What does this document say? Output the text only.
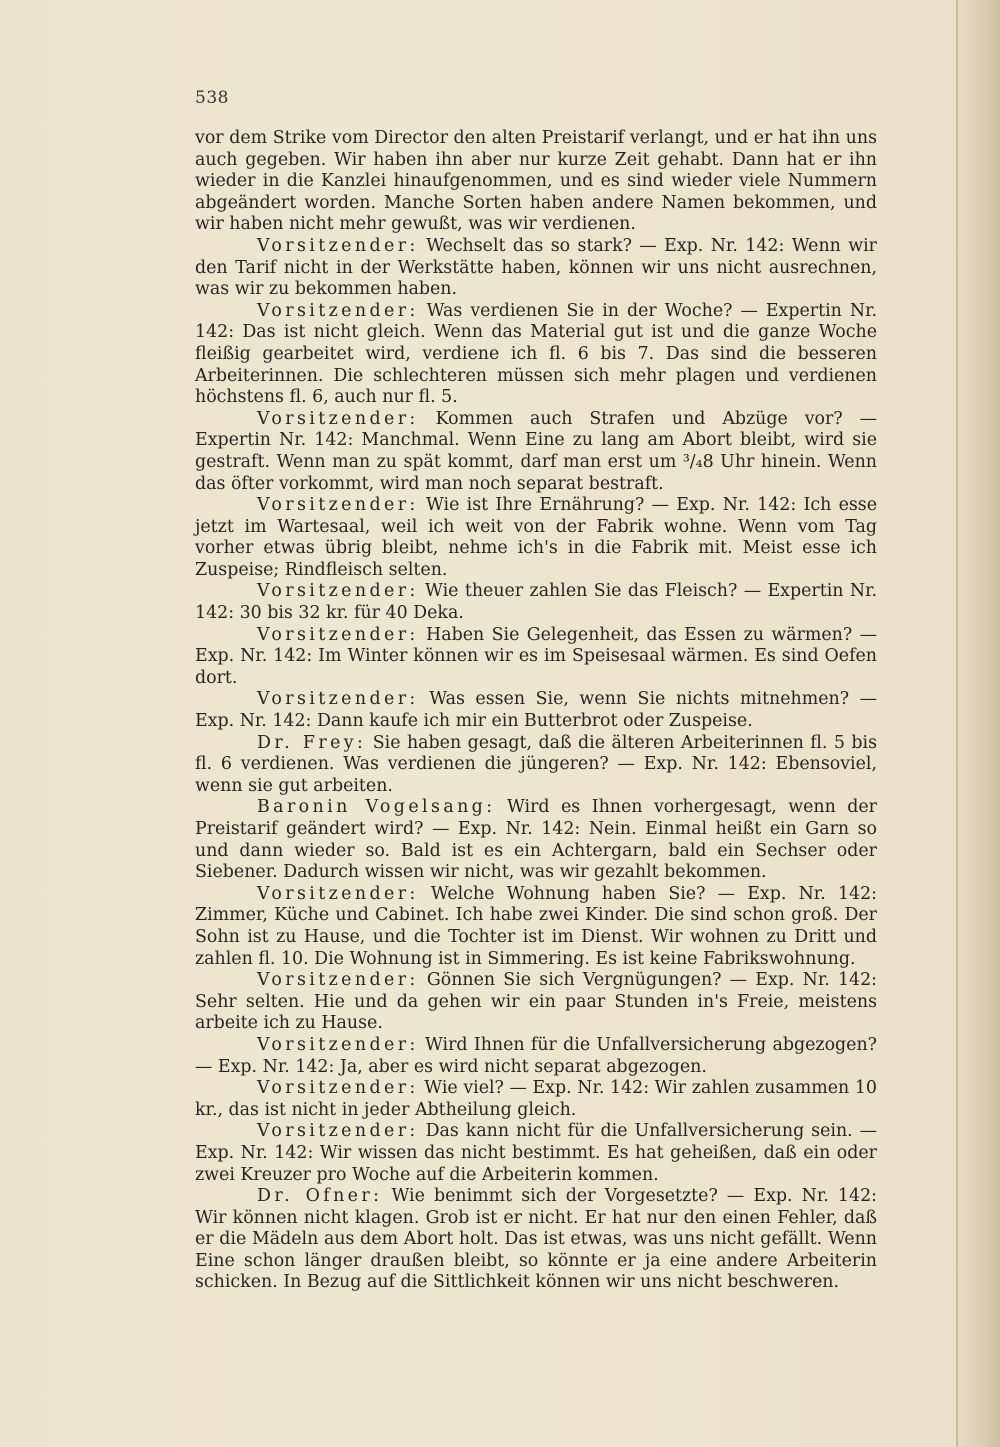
538

vor dem Strike vom Director den alten Preistarif verlangt, und er hat ihn uns auch gegeben. Wir haben ihn aber nur kurze Zeit gehabt. Dann hat er ihn wieder in die Kanzlei hinaufgenommen, und es sind wieder viele Nummern abgeändert worden. Manche Sorten haben andere Namen bekommen, und wir haben nicht mehr gewußt, was wir verdienen.

Vorsitzender: Wechselt das so stark? — Exp. Nr. 142: Wenn wir den Tarif nicht in der Werkstätte haben, können wir uns nicht ausrechnen, was wir zu bekommen haben.

Vorsitzender: Was verdienen Sie in der Woche? — Expertin Nr. 142: Das ist nicht gleich. Wenn das Material gut ist und die ganze Woche fleißig gearbeitet wird, verdiene ich fl. 6 bis 7. Das sind die besseren Arbeiterinnen. Die schlechteren müssen sich mehr plagen und verdienen höchstens fl. 6, auch nur fl. 5.

Vorsitzender: Kommen auch Strafen und Abzüge vor? — Expertin Nr. 142: Manchmal. Wenn Eine zu lang am Abort bleibt, wird sie gestraft. Wenn man zu spät kommt, darf man erst um ³/₄8 Uhr hinein. Wenn das öfter vorkommt, wird man noch separat bestraft.

Vorsitzender: Wie ist Ihre Ernährung? — Exp. Nr. 142: Ich esse jetzt im Wartesaal, weil ich weit von der Fabrik wohne. Wenn vom Tag vorher etwas übrig bleibt, nehme ich's in die Fabrik mit. Meist esse ich Zuspeise; Rindfleisch selten.

Vorsitzender: Wie theuer zahlen Sie das Fleisch? — Expertin Nr. 142: 30 bis 32 kr. für 40 Deka.

Vorsitzender: Haben Sie Gelegenheit, das Essen zu wärmen? — Exp. Nr. 142: Im Winter können wir es im Speisesaal wärmen. Es sind Oefen dort.

Vorsitzender: Was essen Sie, wenn Sie nichts mitnehmen? — Exp. Nr. 142: Dann kaufe ich mir ein Butterbrot oder Zuspeise.

Dr. Frey: Sie haben gesagt, daß die älteren Arbeiterinnen fl. 5 bis fl. 6 verdienen. Was verdienen die jüngeren? — Exp. Nr. 142: Ebensoviel, wenn sie gut arbeiten.

Baronin Vogelsang: Wird es Ihnen vorhergesagt, wenn der Preistarif geändert wird? — Exp. Nr. 142: Nein. Einmal heißt ein Garn so und dann wieder so. Bald ist es ein Achtergarn, bald ein Sechser oder Siebener. Dadurch wissen wir nicht, was wir gezahlt bekommen.

Vorsitzender: Welche Wohnung haben Sie? — Exp. Nr. 142: Zimmer, Küche und Cabinet. Ich habe zwei Kinder. Die sind schon groß. Der Sohn ist zu Hause, und die Tochter ist im Dienst. Wir wohnen zu Dritt und zahlen fl. 10. Die Wohnung ist in Simmering. Es ist keine Fabrikswohnung.

Vorsitzender: Gönnen Sie sich Vergnügungen? — Exp. Nr. 142: Sehr selten. Hie und da gehen wir ein paar Stunden in's Freie, meistens arbeite ich zu Hause.

Vorsitzender: Wird Ihnen für die Unfallversicherung abgezogen? — Exp. Nr. 142: Ja, aber es wird nicht separat abgezogen.

Vorsitzender: Wie viel? — Exp. Nr. 142: Wir zahlen zusammen 10 kr., das ist nicht in jeder Abtheilung gleich.

Vorsitzender: Das kann nicht für die Unfallversicherung sein. — Exp. Nr. 142: Wir wissen das nicht bestimmt. Es hat geheißen, daß ein oder zwei Kreuzer pro Woche auf die Arbeiterin kommen.

Dr. Ofner: Wie benimmt sich der Vorgesetzte? — Exp. Nr. 142: Wir können nicht klagen. Grob ist er nicht. Er hat nur den einen Fehler, daß er die Mädeln aus dem Abort holt. Das ist etwas, was uns nicht gefällt. Wenn Eine schon länger draußen bleibt, so könnte er ja eine andere Arbeiterin schicken. In Bezug auf die Sittlichkeit können wir uns nicht beschweren.
